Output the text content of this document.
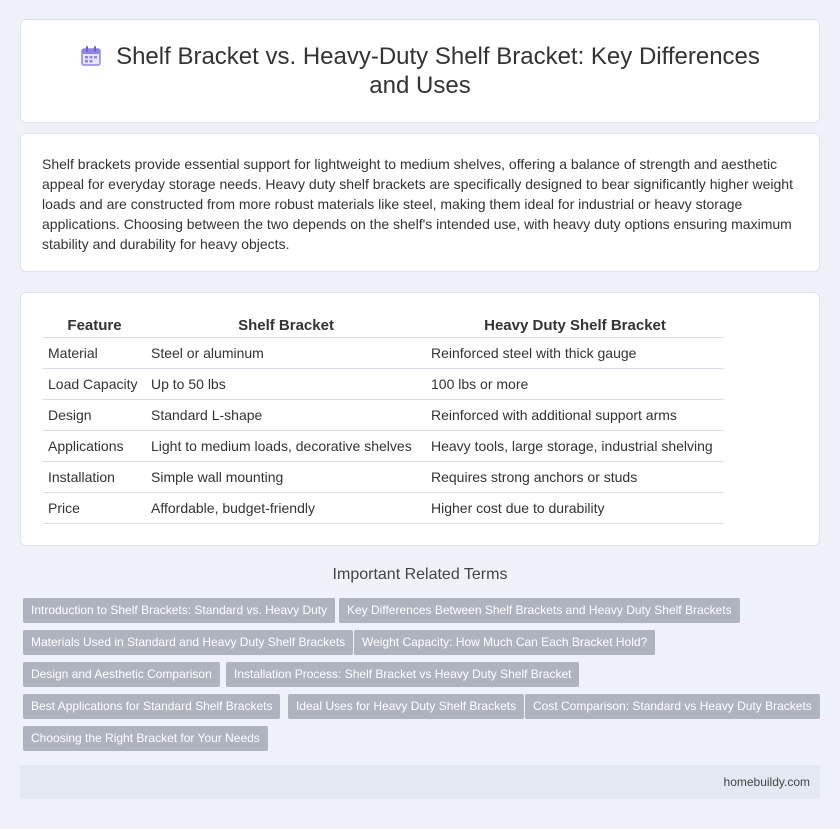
Shelf Bracket vs. Heavy-Duty Shelf Bracket: Key Differences and Uses

Shelf brackets provide essential support for lightweight to medium shelves, offering a balance of strength and aesthetic appeal for everyday storage needs. Heavy duty shelf brackets are specifically designed to bear significantly higher weight loads and are constructed from more robust materials like steel, making them ideal for industrial or heavy storage applications. Choosing between the two depends on the shelf's intended use, with heavy duty options ensuring maximum stability and durability for heavy objects.

Feature	Shelf Bracket	Heavy Duty Shelf Bracket
Material	Steel or aluminum	Reinforced steel with thick gauge
Load Capacity	Up to 50 lbs	100 lbs or more
Design	Standard L-shape	Reinforced with additional support arms
Applications	Light to medium loads, decorative shelves	Heavy tools, large storage, industrial shelving
Installation	Simple wall mounting	Requires strong anchors or studs
Price	Affordable, budget-friendly	Higher cost due to durability
Important Related Terms
Introduction to Shelf Brackets: Standard vs. Heavy Duty	Key Differences Between Shelf Brackets and Heavy Duty Shelf Brackets
Materials Used in Standard and Heavy Duty Shelf Brackets	Weight Capacity: How Much Can Each Bracket Hold?
Design and Aesthetic Comparison	Installation Process: Shelf Bracket vs Heavy Duty Shelf Bracket
Best Applications for Standard Shelf Brackets	Ideal Uses for Heavy Duty Shelf Brackets	Cost Comparison: Standard vs Heavy Duty Brackets
Choosing the Right Bracket for Your Needs
homebuildy.com
